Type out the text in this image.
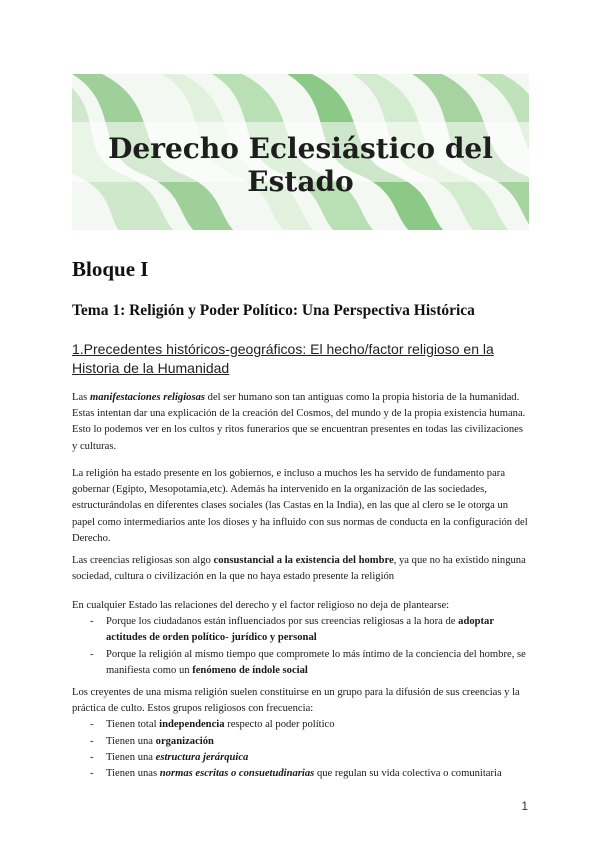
Derecho Eclesiástico del Estado
Bloque I
Tema 1: Religión y Poder Político: Una Perspectiva Histórica
1.Precedentes históricos-geográficos: El hecho/factor religioso en la Historia de la Humanidad

Las manifestaciones religiosas del ser humano son tan antiguas como la propia historia de la humanidad. Estas intentan dar una explicación de la creación del Cosmos, del mundo y de la propia existencia humana. Esto lo podemos ver en los cultos y ritos funerarios que se encuentran presentes en todas las civilizaciones y culturas.

La religión ha estado presente en los gobiernos, e incluso a muchos les ha servido de fundamento para gobernar (Egipto, Mesopotamia,etc). Además ha intervenido en la organización de las sociedades, estructurándolas en diferentes clases sociales (las Castas en la India), en las que al clero se le otorga un papel como intermediarios ante los dioses y ha influido con sus normas de conducta en la configuración del Derecho.

Las creencias religiosas son algo consustancial a la existencia del hombre, ya que no ha existido ninguna sociedad, cultura o civilización en la que no haya estado presente la religión

En cualquier Estado las relaciones del derecho y el factor religioso no deja de plantearse:
- Porque los ciudadanos están influenciados por sus creencias religiosas a la hora de adoptar actitudes de orden político- jurídico y personal
- Porque la religión al mismo tiempo que compromete lo más íntimo de la conciencia del hombre, se manifiesta como un fenómeno de índole social
Los creyentes de una misma religión suelen constituirse en un grupo para la difusión de sus creencias y la práctica de culto. Estos grupos religiosos con frecuencia:
- Tienen total independencia respecto al poder político
- Tienen una organización
- Tienen una estructura jerárquica
- Tienen unas normas escritas o consuetudinarias que regulan su vida colectiva o comunitaria

1
